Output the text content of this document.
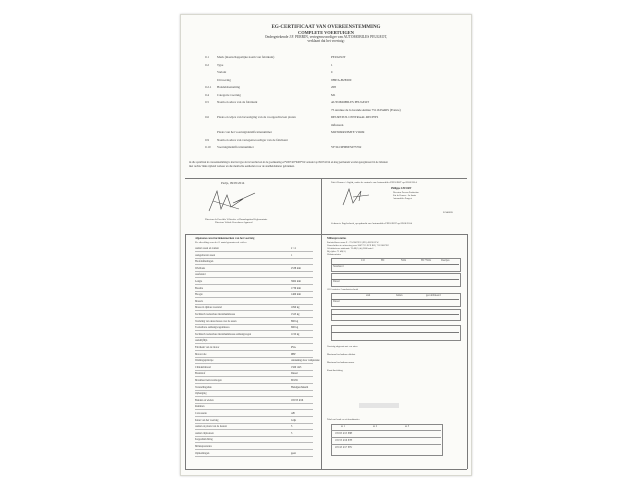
EG-CERTIFICAAT VAN OVEREENSTEMMING
COMPLETE VOERTUIGEN
Ondergetekende J.F. PERRIN, vertegenwoordiger van AUTOMOBILES PEUGEOT,
verklaart dat het voertuig:
0.1	Merk (maatschappelijke naam van fabrikant)	PEUGEOT
0.2	Type	1
Variant	C
Uitvoering	9HP/A-B2E000
0.2.1 Handelsbenaming	208
0.4	Categorie voertuig	M1
0.5	Naam en adres van de fabrikant	AUTOMOBILES PEUGEOT
75 Avenue de la Grande Armée 75116 PARIS (France)
0.6	Plaats en wijze van bevestiging van de voorgeschreven platen	DEURSTIJL CENTRAAL RECHTS
inflatoren
Plaats van het voertuigidentificatienummer	MOTORRUIMTE VOOR
0.9	Naam en adres van vertegenwoordiger van de fabrikant
0.10 Voertuigidentificatienummer	VF3LC9HP6ES075792
in alle opzichten in overeenstemming is met het type dat is beschreven in de goedkeuring e2*2007/46*0485*04 verleend op 09/05/2014 en mag permanent worden geregistreerd in de lidstaten
met rechts/ links rijdend verkeer en die metrische eenheden voor de snelheidsmeter gebruiken.
Parijs, 09/05/2014
Directeur de Procédés Véhicules et Homologation Réglementaire
Directeur Vehicle Procedures Approval
Fait à Rennes / Afgiftt, onder de controle van Automobiles PEUGEOT op 09/06/2014
Philippe LEFORT
Directeur Process Production
Site de Rennes - La Janais
Automobiles Peugeot
B 94085B
Gedaan te Ergelvrhenk, op opdracht van Automobiles PEUGEOT op 09/06/2014
Algemene constructiekenmerken van het voertuig
Zie afbeelding voor deel 1 aantal gemonteerde wielen
Aantal assen en wielen	2 / 4
Aangedreven assen	1
Hoofdafmetingen
Wielbasis	2538 mm
Asafstand
Lengte	3962 mm
Breedte	1739 mm
Hoogte	1460 mm
Massa's
Massa in rijklare toestand	1090 kg
Technisch toelaatbare maximummassa	1525 kg
Verdeling van deze massa over de assen	860 kg
Toelaatbare aanhangwagenmassa	690 kg
Technisch toelaatbare maximummassa aanhangwagen	1150 kg
Aandrijflijn
Fabrikant van de motor	PSA
Motorcode	9HP
Werkingsprincipe	ontsteking door compressie
Cilinderinhoud	1560 cm3
Brandstof	Diesel
Maximaal nettovermogen	68 kW
Versnellingsbak	Handgeschakeld
Ophanging
Banden en wielen	195/55 R16
Remmen
Carrosserie	AB
Kleur van het voertuig	Grijs
Aantal en plaats van de deuren	5
Aantal zitplaatsen	5
Koppelinrichting
Milieuprestaties
Opmerkingen	geen
Milieuprestaties
Emissieklasse norm E - 715/2007/EG (EU) 459/2012 W
Voorschriften ter uitvoering van: 2007/715 ECE R83, 715/2007/EG
Geluidsniveau stationair: 76 dB(A) bij 3000 min-1
Bij rijden: 71 dB(A)
Uitlaatemissies
Standaard
CO	HC	NOx	HC+NOx	Deeltjes
Diesel
CO2-emissies / brandstofverbruik
Diesel
stad	buiten	gecombineerd
Voertuig uitgerust met een airco
Maximaal toelaatbare daklast
Maximaal toelaatbaar massa
Kantelinrichting
Tabel met band en wielcombinaties
as 1	as 2	as 3
185/65 R15 88H
195/55 R16 87H
205/45 R17 88V
